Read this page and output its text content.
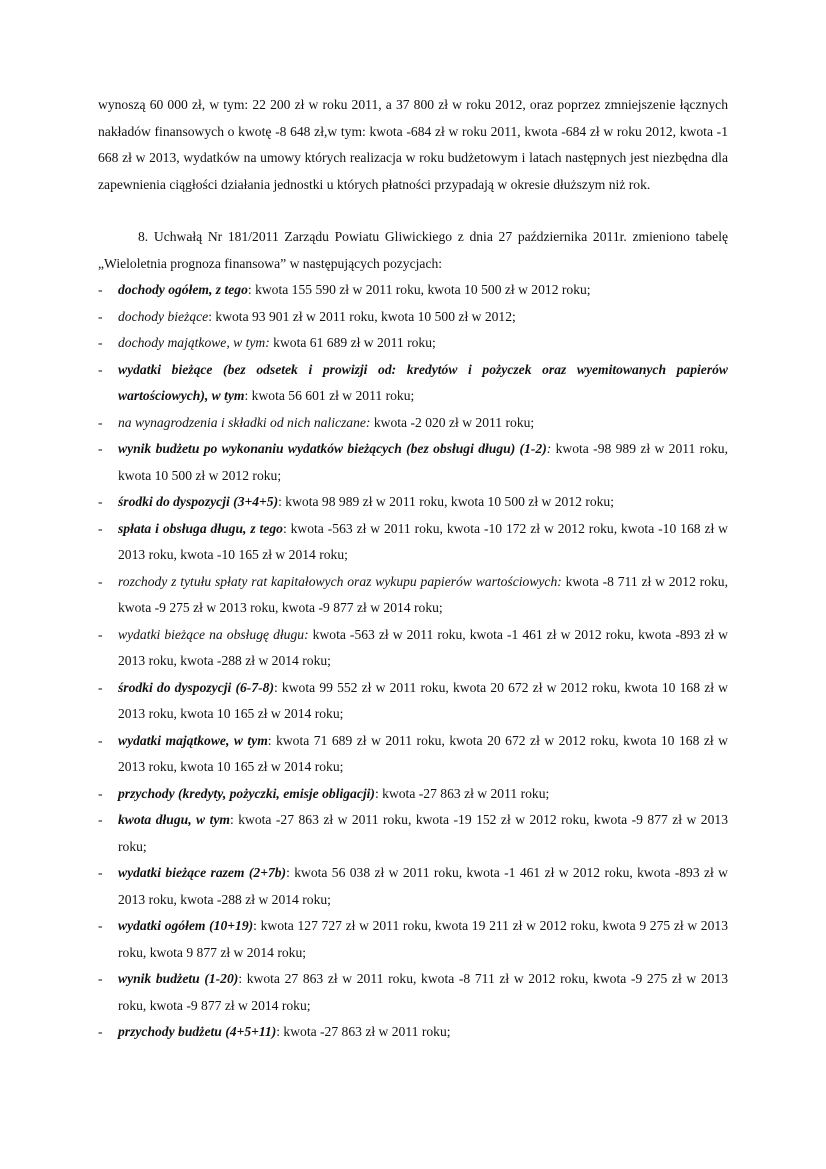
wynoszą 60 000 zł, w tym: 22 200 zł w roku 2011, a 37 800 zł w roku 2012, oraz poprzez zmniejszenie łącznych nakładów finansowych o kwotę -8 648 zł,w tym: kwota -684 zł w roku 2011, kwota -684 zł w roku 2012, kwota -1 668 zł w 2013, wydatków na umowy których realizacja w roku budżetowym i latach następnych jest niezbędna dla zapewnienia ciągłości działania jednostki u których płatności przypadają w okresie dłuższym niż rok.

8. Uchwałą Nr 181/2011 Zarządu Powiatu Gliwickiego z dnia 27 października 2011r. zmieniono tabelę „Wieloletnia prognoza finansowa” w następujących pozycjach:

- dochody ogółem, z tego: kwota 155 590 zł w 2011 roku, kwota 10 500 zł w 2012 roku;

- dochody bieżące: kwota 93 901 zł w 2011 roku, kwota 10 500 zł w 2012;

- dochody majątkowe, w tym: kwota 61 689 zł w 2011 roku;

- wydatki bieżące (bez odsetek i prowizji od: kredytów i pożyczek oraz wyemitowanych papierów wartościowych), w tym: kwota 56 601 zł w 2011 roku;

- na wynagrodzenia i składki od nich naliczane: kwota -2 020 zł w 2011 roku;

- wynik budżetu po wykonaniu wydatków bieżących (bez obsługi długu) (1-2): kwota -98 989 zł w 2011 roku, kwota 10 500 zł w 2012 roku;

- środki do dyspozycji (3+4+5): kwota 98 989 zł w 2011 roku, kwota 10 500 zł w 2012 roku;

- spłata i obsługa długu, z tego: kwota -563 zł w 2011 roku, kwota -10 172 zł w 2012 roku, kwota -10 168 zł w 2013 roku, kwota -10 165 zł w 2014 roku;

- rozchody z tytułu spłaty rat kapitałowych oraz wykupu papierów wartościowych: kwota -8 711 zł w 2012 roku, kwota -9 275 zł w 2013 roku, kwota -9 877 zł w 2014 roku;

- wydatki bieżące na obsługę długu: kwota -563 zł w 2011 roku, kwota -1 461 zł w 2012 roku, kwota -893 zł w 2013 roku, kwota -288 zł w 2014 roku;

- środki do dyspozycji (6-7-8): kwota 99 552 zł w 2011 roku, kwota 20 672 zł w 2012 roku, kwota 10 168 zł w 2013 roku, kwota 10 165 zł w 2014 roku;

- wydatki majątkowe, w tym: kwota 71 689 zł w 2011 roku, kwota 20 672 zł w 2012 roku, kwota 10 168 zł w 2013 roku, kwota 10 165 zł w 2014 roku;

- przychody (kredyty, pożyczki, emisje obligacji): kwota -27 863 zł w 2011 roku;

- kwota długu, w tym: kwota -27 863 zł w 2011 roku, kwota -19 152 zł w 2012 roku, kwota -9 877 zł w 2013 roku;

- wydatki bieżące razem (2+7b): kwota 56 038 zł w 2011 roku, kwota -1 461 zł w 2012 roku, kwota -893 zł w 2013 roku, kwota -288 zł w 2014 roku;

- wydatki ogółem (10+19): kwota 127 727 zł w 2011 roku, kwota 19 211 zł w 2012 roku, kwota 9 275 zł w 2013 roku, kwota 9 877 zł w 2014 roku;

- wynik budżetu (1-20): kwota 27 863 zł w 2011 roku, kwota -8 711 zł w 2012 roku, kwota -9 275 zł w 2013 roku, kwota -9 877 zł w 2014 roku;

- przychody budżetu (4+5+11): kwota -27 863 zł w 2011 roku;
